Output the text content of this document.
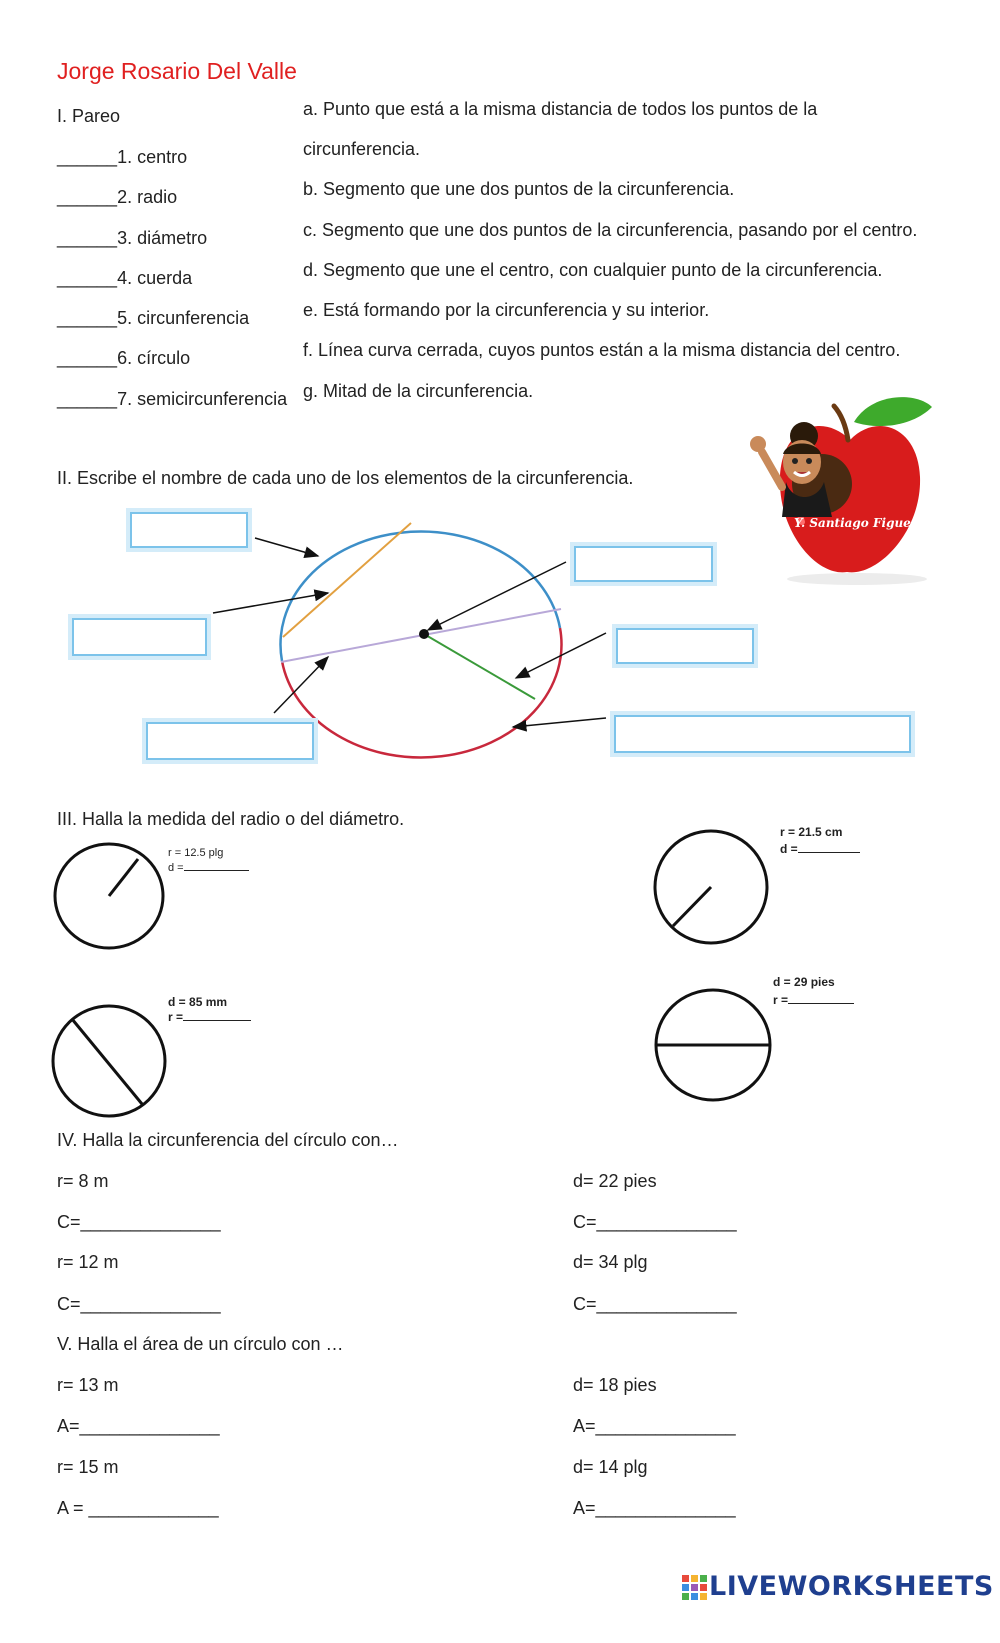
Jorge Rosario Del Valle
I. Pareo
______1. centro
______2. radio
______3. diámetro
______4. cuerda
______5. circunferencia
______6. círculo
______7. semicircunferencia
a. Punto que está a la misma distancia de todos los puntos de la
circunferencia.
b. Segmento que une dos puntos de la circunferencia.
c. Segmento que une dos puntos de la circunferencia, pasando por el centro.
d. Segmento que une el centro, con cualquier punto de la circunferencia.
e. Está formando por la circunferencia y su interior.
f. Línea curva cerrada, cuyos puntos están a la misma distancia del centro.
g. Mitad de la circunferencia.
Y. Santiago Figueroa
II. Escribe el nombre de cada uno de los elementos de la circunferencia.
III. Halla la medida del radio o del diámetro.
r = 12.5 plg
d =
r = 21.5 cm
d =
d = 85 mm
r =
d = 29 pies
r =
IV. Halla la circunferencia del círculo con…
r= 8 m
C=______________
r= 12 m
C=______________
d= 22 pies
C=______________
d= 34 plg
C=______________
V. Halla el área de un círculo con …
r= 13 m
A=______________
r= 15 m
A = _____________
d= 18 pies
A=______________
d= 14 plg
A=______________
LIVEWORKSHEETS
